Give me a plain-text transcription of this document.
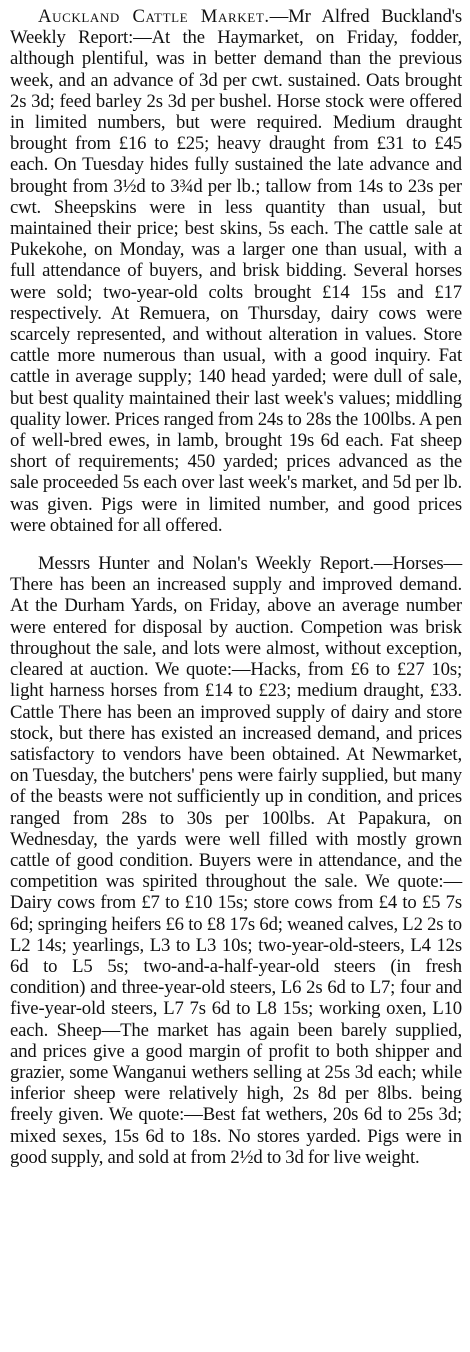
Auckland Cattle Market.—Mr Alfred Buckland's Weekly Report:—At the Haymarket, on Friday, fodder, although plentiful, was in better demand than the previous week, and an advance of 3d per cwt. sustained. Oats brought 2s 3d; feed barley 2s 3d per bushel. Horse stock were offered in limited numbers, but were required. Medium draught brought from £16 to £25; heavy draught from £31 to £45 each. On Tuesday hides fully sustained the late advance and brought from 3½d to 3¾d per lb.; tallow from 14s to 23s per cwt. Sheepskins were in less quantity than usual, but maintained their price; best skins, 5s each. The cattle sale at Pukekohe, on Monday, was a larger one than usual, with a full attendance of buyers, and brisk bidding. Several horses were sold; two-year-old colts brought £14 15s and £17 respectively. At Remuera, on Thursday, dairy cows were scarcely represented, and without alteration in values. Store cattle more numerous than usual, with a good inquiry. Fat cattle in average supply; 140 head yarded; were dull of sale, but best quality maintained their last week's values; middling quality lower. Prices ranged from 24s to 28s the 100lbs. A pen of well-bred ewes, in lamb, brought 19s 6d each. Fat sheep short of requirements; 450 yarded; prices advanced as the sale proceeded 5s each over last week's market, and 5d per lb. was given. Pigs were in limited number, and good prices were obtained for all offered.

Messrs Hunter and Nolan's Weekly Report.—Horses—There has been an increased supply and improved demand. At the Durham Yards, on Friday, above an average number were entered for disposal by auction. Competion was brisk throughout the sale, and lots were almost, without exception, cleared at auction. We quote:—Hacks, from £6 to £27 10s; light harness horses from £14 to £23; medium draught, £33. Cattle There has been an improved supply of dairy and store stock, but there has existed an increased demand, and prices satisfactory to vendors have been obtained. At Newmarket, on Tuesday, the butchers' pens were fairly supplied, but many of the beasts were not sufficiently up in condition, and prices ranged from 28s to 30s per 100lbs. At Papakura, on Wednesday, the yards were well filled with mostly grown cattle of good condition. Buyers were in attendance, and the competition was spirited throughout the sale. We quote:—Dairy cows from £7 to £10 15s; store cows from £4 to £5 7s 6d; springing heifers £6 to £8 17s 6d; weaned calves, L2 2s to L2 14s; yearlings, L3 to L3 10s; two-year-old-steers, L4 12s 6d to L5 5s; two-and-a-half-year-old steers (in fresh condition) and three-year-old steers, L6 2s 6d to L7; four and five-year-old steers, L7 7s 6d to L8 15s; working oxen, L10 each. Sheep—The market has again been barely supplied, and prices give a good margin of profit to both shipper and grazier, some Wanganui wethers selling at 25s 3d each; while inferior sheep were relatively high, 2s 8d per 8lbs. being freely given. We quote:—Best fat wethers, 20s 6d to 25s 3d; mixed sexes, 15s 6d to 18s. No stores yarded. Pigs were in good supply, and sold at from 2½d to 3d for live weight.
